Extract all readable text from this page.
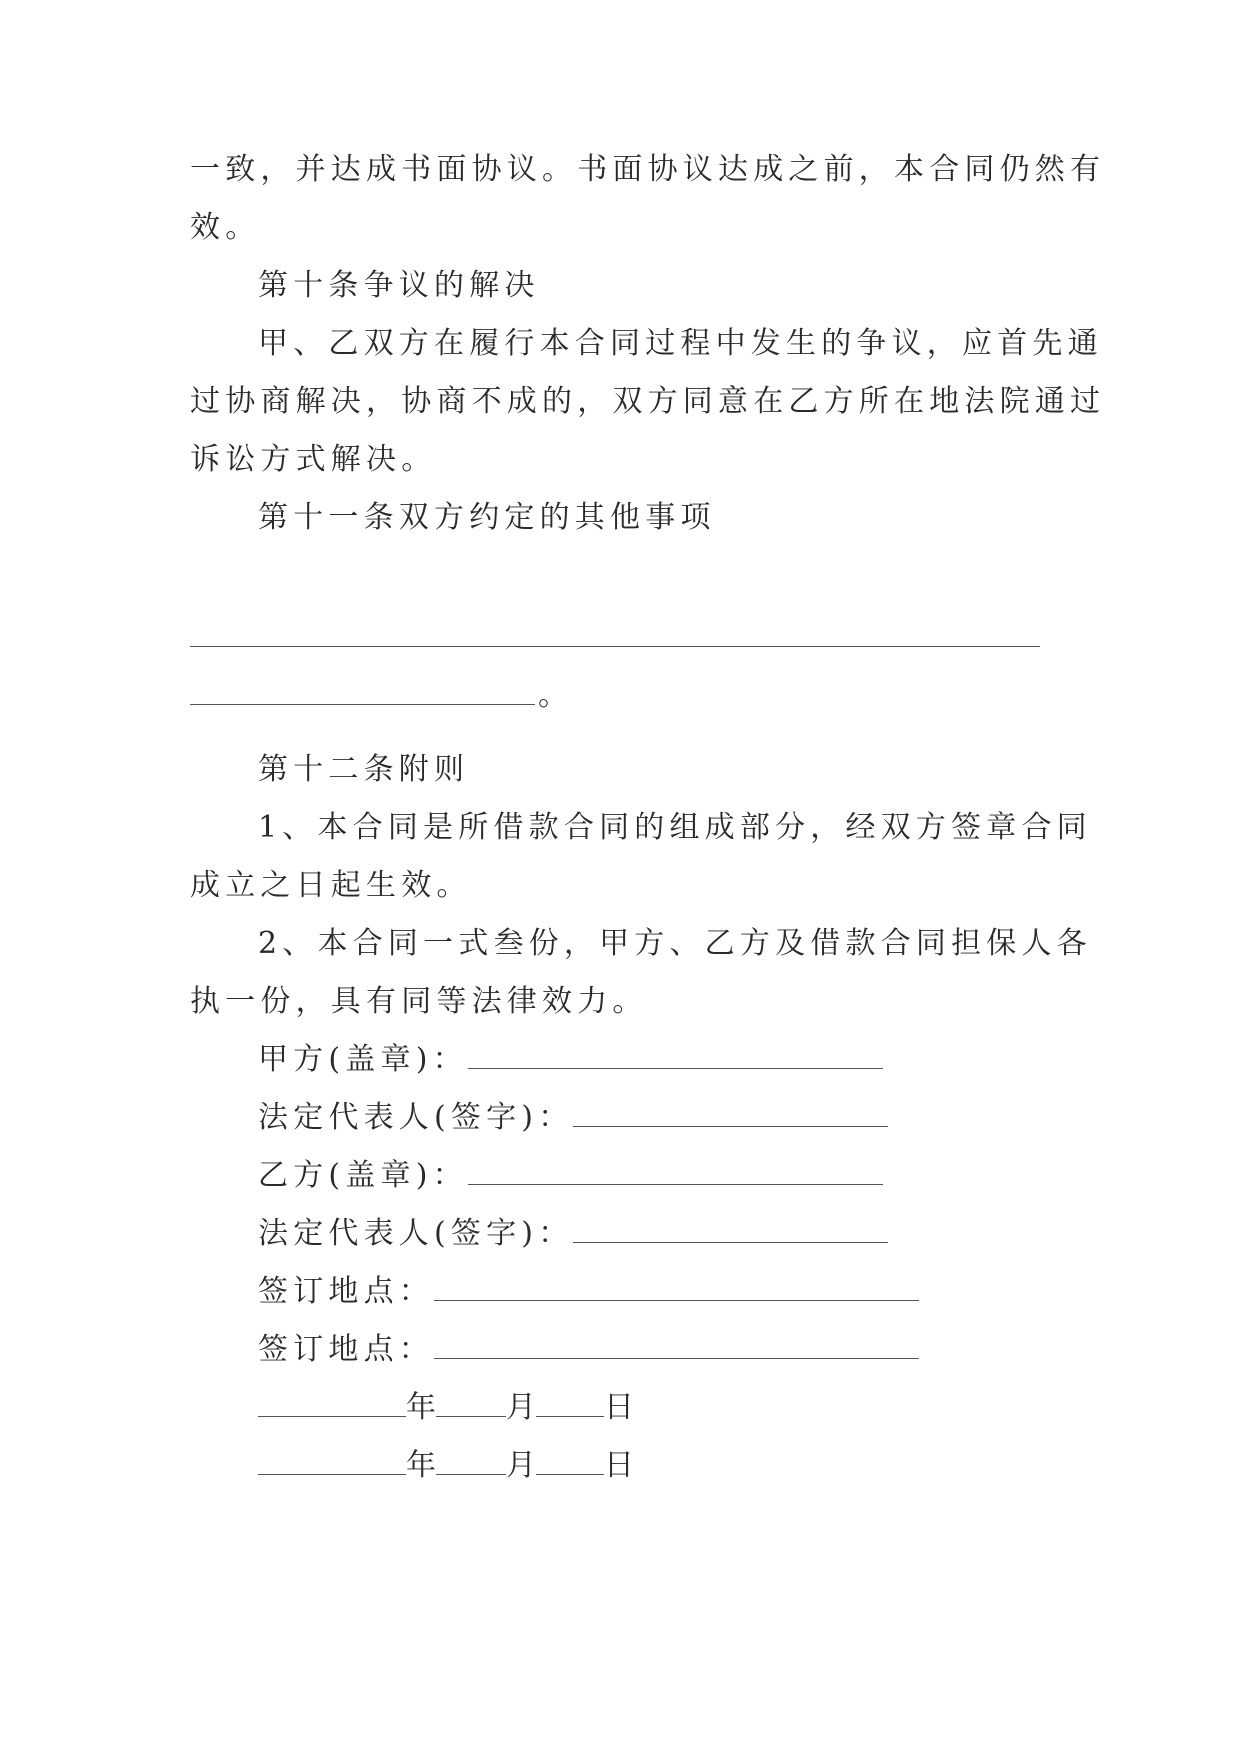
一致，并达成书面协议。书面协议达成之前，本合同仍然有
效。
第十条争议的解决
甲、乙双方在履行本合同过程中发生的争议，应首先通
过协商解决，协商不成的，双方同意在乙方所在地法院通过
诉讼方式解决。
第十一条双方约定的其他事项
。
第十二条附则
1、本合同是所借款合同的组成部分，经双方签章合同
成立之日起生效。
2、本合同一式叁份，甲方、乙方及借款合同担保人各
执一份，具有同等法律效力。
甲方(盖章)：
法定代表人(签字)：
乙方(盖章)：
法定代表人(签字)：
签订地点：
签订地点：
年 月 日
年 月 日
